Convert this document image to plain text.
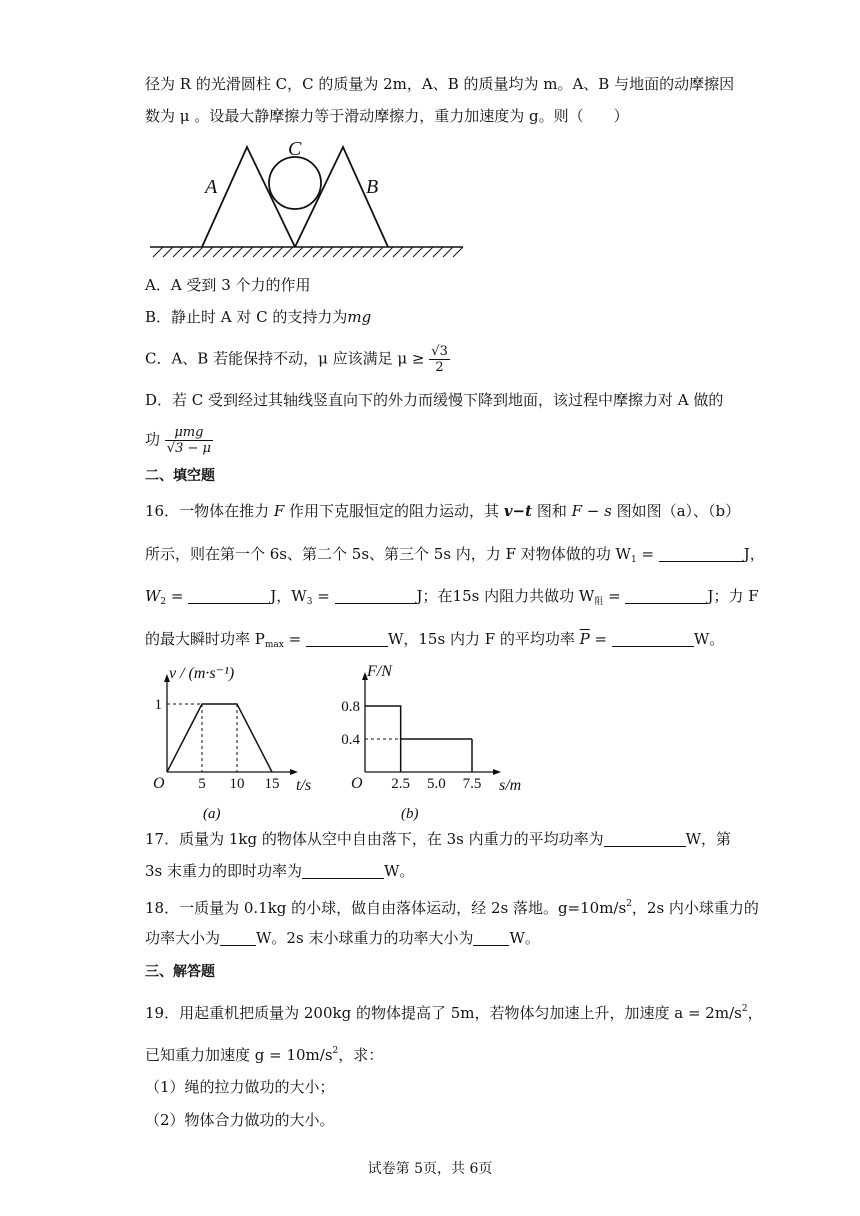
径为 R 的光滑圆柱 C，C 的质量为 2m，A、B 的质量均为 m。A、B 与地面的动摩擦因
数为 μ 。设最大静摩擦力等于滑动摩擦力，重力加速度为 g。则（　　）
A
C
B
A．A 受到 3 个力的作用
B．静止时 A 对 C 的支持力为mg
C．A、B 若能保持不动，μ 应该满足 $\mu \ge \frac{√3}{2}$
D．若 C 受到经过其轴线竖直向下的外力而缓慢下降到地面，该过程中摩擦力对 A 做的
功 $\frac{\text{μmg}}{√3 - \mu}$
二、填空题
16．一物体在推力 F 作用下克服恒定的阻力运动，其 v−t 图和 F − s 图如图（a）、（b）
所示，则在第一个 6s、第二个 5s、第三个 5s 内，力 F 对物体做的功 $W_1$ =	J，
$W_2$ =	J，$W_3$ =	J；在15s 内阻力共做功 $W_阻$ =	J；力 F
的最大瞬时功率 $P_{max}$ =	W，15s 内力 F 的平均功率 $\overline{P}$ =	W。
O	t/s
v / (m·s⁻¹)
(a)
5 10 15
1
O	s/m
F/N
(b)
2.5 5.0 7.5
0.8
0.4
17．质量为 1kg 的物体从空中自由落下，在 3s 内重力的平均功率为	W，第
3s 末重力的即时功率为	W。
18．一质量为 0.1kg 的小球，做自由落体运动，经 2s 落地。$g=10m/s^2$，2s 内小球重力的
功率大小为 W。2s 末小球重力的功率大小为 W。
三、解答题
19．用起重机把质量为 200kg 的物体提高了 5m，若物体匀加速上升，加速度 $a = 2m/s^2$，
已知重力加速度 $g = 10m/s^2$，求：
（1）绳的拉力做功的大小；
（2）物体合力做功的大小。
试卷第 5页，共 6页
